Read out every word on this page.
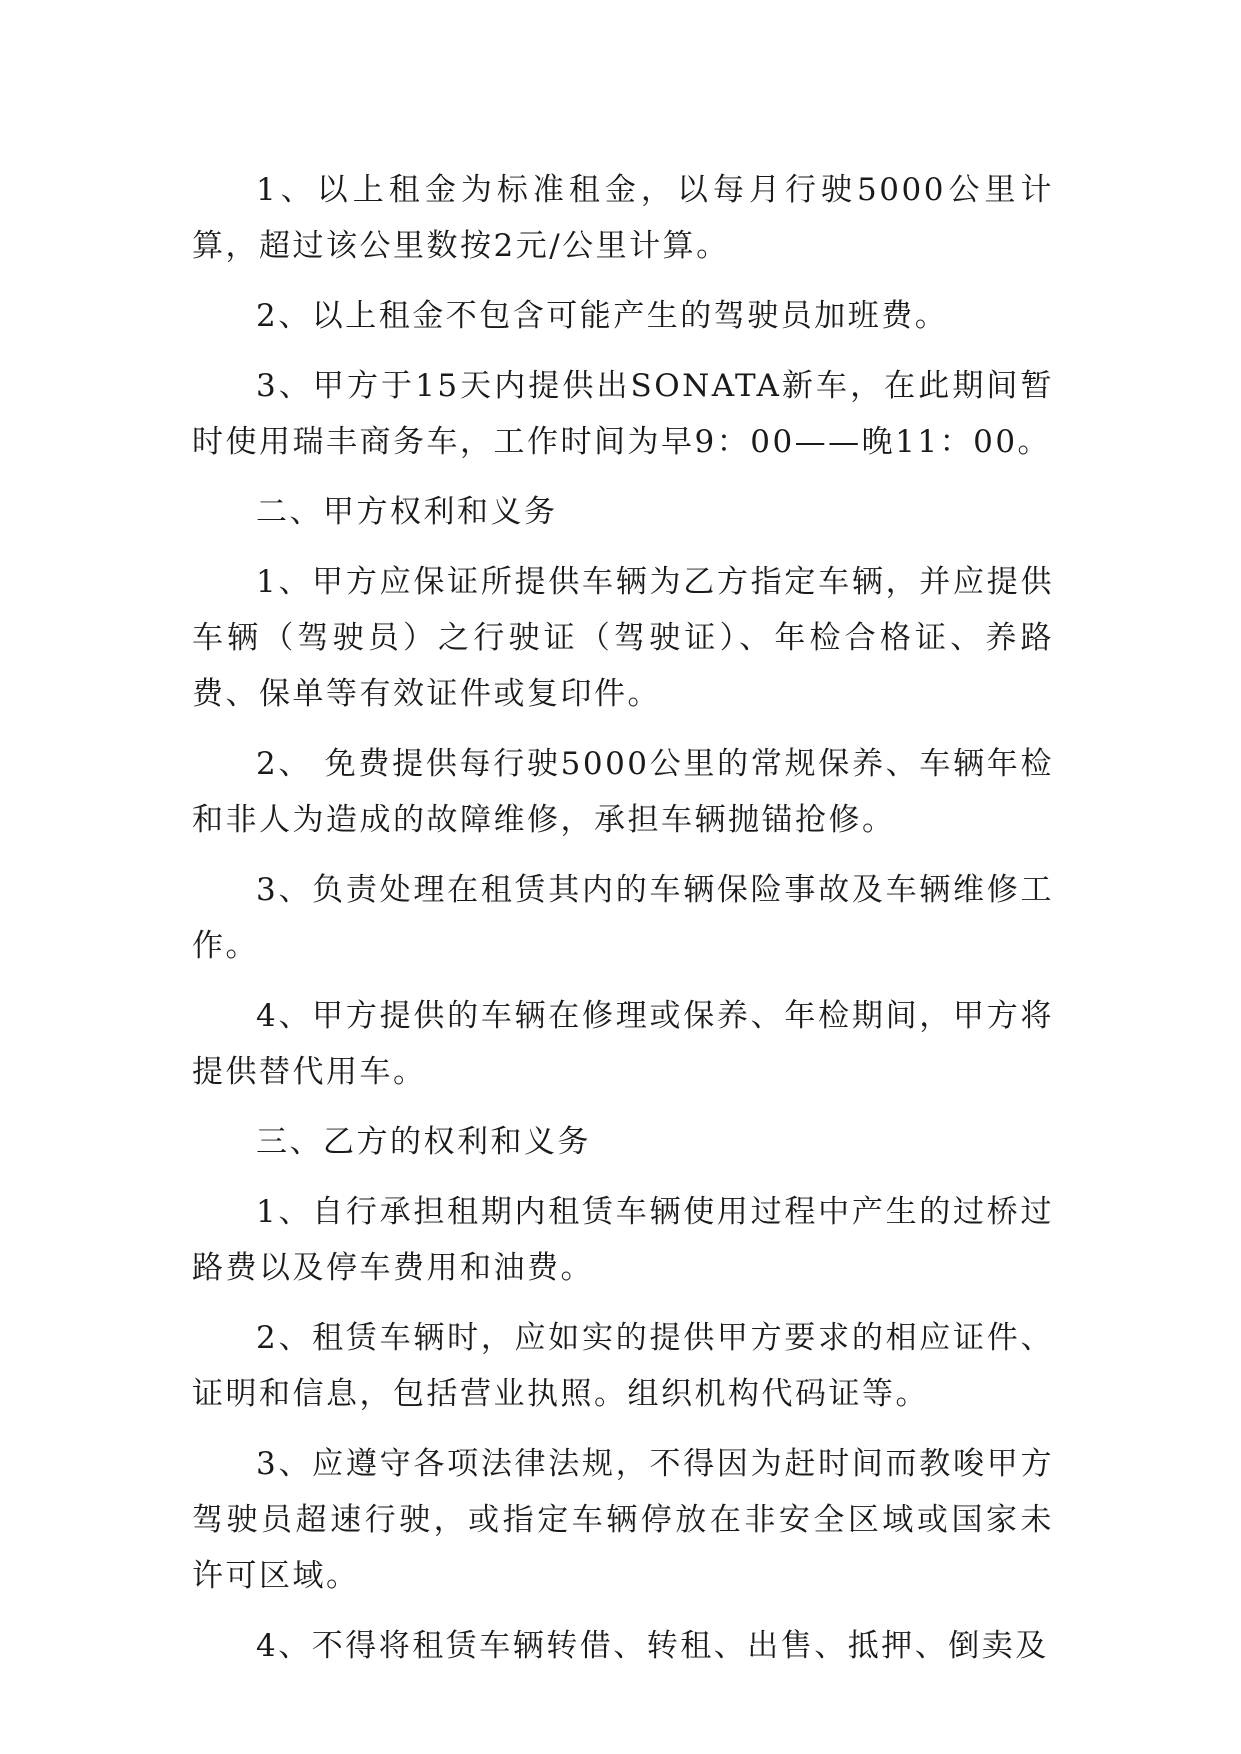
1、以上租金为标准租金，以每月行驶5000公里计算，超过该公里数按2元/公里计算。

2、以上租金不包含可能产生的驾驶员加班费。

3、甲方于15天内提供出SONATA新车，在此期间暂时使用瑞丰商务车，工作时间为早9：00——晚11：00。

二、甲方权利和义务

1、甲方应保证所提供车辆为乙方指定车辆，并应提供车辆（驾驶员）之行驶证（驾驶证）、年检合格证、养路费、保单等有效证件或复印件。

2、 免费提供每行驶5000公里的常规保养、车辆年检和非人为造成的故障维修，承担车辆抛锚抢修。

3、负责处理在租赁其内的车辆保险事故及车辆维修工作。

4、甲方提供的车辆在修理或保养、年检期间，甲方将提供替代用车。

三、乙方的权利和义务

1、自行承担租期内租赁车辆使用过程中产生的过桥过路费以及停车费用和油费。

2、租赁车辆时，应如实的提供甲方要求的相应证件、证明和信息，包括营业执照。组织机构代码证等。

3、应遵守各项法律法规，不得因为赶时间而教唆甲方驾驶员超速行驶，或指定车辆停放在非安全区域或国家未许可区域。

4、不得将租赁车辆转借、转租、出售、抵押、倒卖及
